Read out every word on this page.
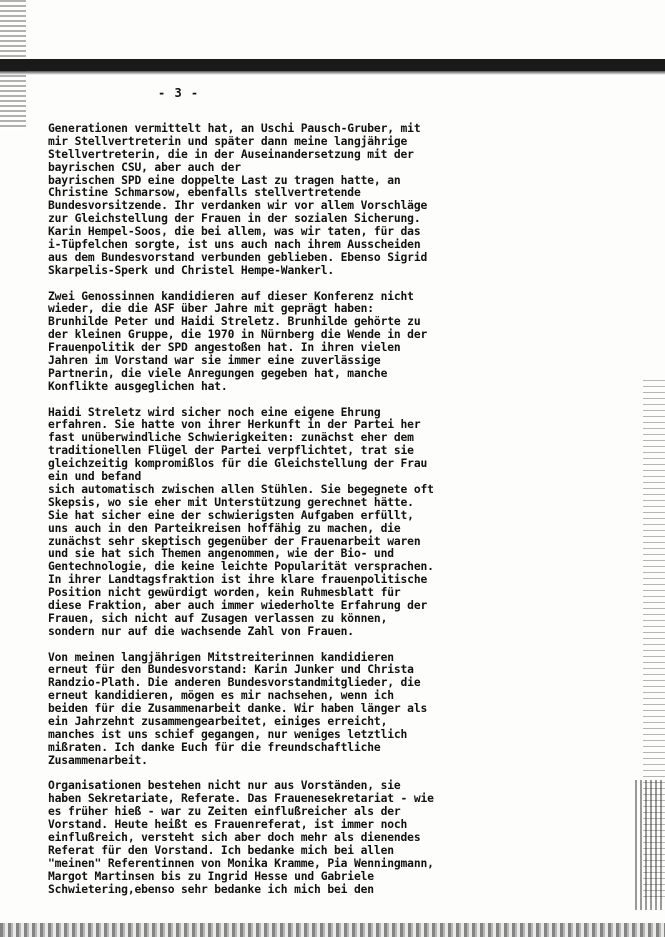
- 3 -
Generationen vermittelt hat, an Uschi Pausch-Gruber, mit
mir Stellvertreterin und später dann meine langjährige
Stellvertreterin, die in der Auseinandersetzung mit der
bayrischen CSU, aber auch der
bayrischen SPD eine doppelte Last zu tragen hatte, an
Christine Schmarsow, ebenfalls stellvertretende
Bundesvorsitzende. Ihr verdanken wir vor allem Vorschläge
zur Gleichstellung der Frauen in der sozialen Sicherung.
Karin Hempel-Soos, die bei allem, was wir taten, für das
i-Tüpfelchen sorgte, ist uns auch nach ihrem Ausscheiden
aus dem Bundesvorstand verbunden geblieben. Ebenso Sigrid
Skarpelis-Sperk und Christel Hempe-Wankerl.
Zwei Genossinnen kandidieren auf dieser Konferenz nicht
wieder, die die ASF über Jahre mit geprägt haben:
Brunhilde Peter und Haidi Streletz. Brunhilde gehörte zu
der kleinen Gruppe, die 1970 in Nürnberg die Wende in der
Frauenpolitik der SPD angestoßen hat. In ihren vielen
Jahren im Vorstand war sie immer eine zuverlässige
Partnerin, die viele Anregungen gegeben hat, manche
Konflikte ausgeglichen hat.
Haidi Streletz wird sicher noch eine eigene Ehrung
erfahren. Sie hatte von ihrer Herkunft in der Partei her
fast unüberwindliche Schwierigkeiten: zunächst eher dem
traditionellen Flügel der Partei verpflichtet, trat sie
gleichzeitig kompromißlos für die Gleichstellung der Frau
ein und befand
sich automatisch zwischen allen Stühlen. Sie begegnete oft
Skepsis, wo sie eher mit Unterstützung gerechnet hätte.
Sie hat sicher eine der schwierigsten Aufgaben erfüllt,
uns auch in den Parteikreisen hoffähig zu machen, die
zunächst sehr skeptisch gegenüber der Frauenarbeit waren
und sie hat sich Themen angenommen, wie der Bio- und
Gentechnologie, die keine leichte Popularität versprachen.
In ihrer Landtagsfraktion ist ihre klare frauenpolitische
Position nicht gewürdigt worden, kein Ruhmesblatt für
diese Fraktion, aber auch immer wiederholte Erfahrung der
Frauen, sich nicht auf Zusagen verlassen zu können,
sondern nur auf die wachsende Zahl von Frauen.
Von meinen langjährigen Mitstreiterinnen kandidieren
erneut für den Bundesvorstand: Karin Junker und Christa
Randzio-Plath. Die anderen Bundesvorstandmitglieder, die
erneut kandidieren, mögen es mir nachsehen, wenn ich
beiden für die Zusammenarbeit danke. Wir haben länger als
ein Jahrzehnt zusammengearbeitet, einiges erreicht,
manches ist uns schief gegangen, nur weniges letztlich
mißraten. Ich danke Euch für die freundschaftliche
Zusammenarbeit.
Organisationen bestehen nicht nur aus Vorständen, sie
haben Sekretariate, Referate. Das Frauenesekretariat - wie
es früher hieß - war zu Zeiten einflußreicher als der
Vorstand. Heute heißt es Frauenreferat, ist immer noch
einflußreich, versteht sich aber doch mehr als dienendes
Referat für den Vorstand. Ich bedanke mich bei allen
"meinen" Referentinnen von Monika Kramme, Pia Wenningmann,
Margot Martinsen bis zu Ingrid Hesse und Gabriele
Schwietering,ebenso sehr bedanke ich mich bei den
